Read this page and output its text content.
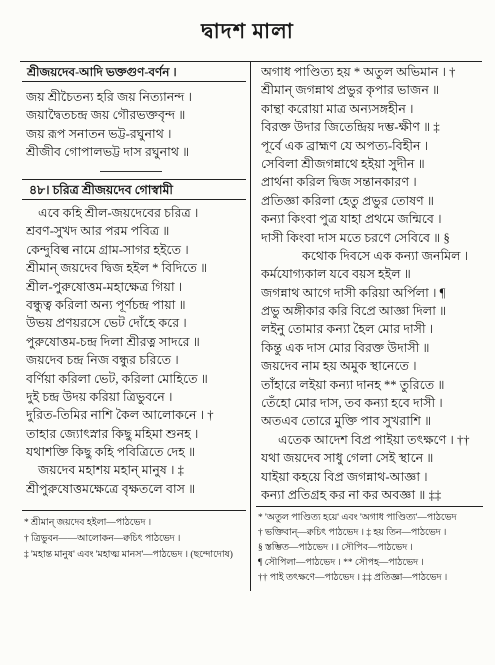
দ্বাদশ মালা
শ্রীজয়দেব-আদি ভক্তগুণ-বর্ণন ।
জয় শ্রীচৈতন্য হরি জয় নিত্যানন্দ ।
জয়াদ্বৈতচন্দ্র জয় গৌরভক্তবৃন্দ ॥
জয় রূপ সনাতন ভট্ট-রঘুনাথ ।
শ্রীজীব গোপালভট্ট দাস রঘুনাথ ॥
৪৮। চরিত্র শ্রীজয়দেব গোস্বামী
এবে কহি শ্রীল-জয়দেবের চরিত্র ।
শ্রবণ-সুখদ আর পরম পবিত্র ॥
কেন্দুবিল্ব নামে গ্রাম-সাগর হইতে ।
শ্রীমান্ জয়দেব দ্বিজ হইল * বিদিতে ॥
শ্রীল-পুরুষোত্তম-মহাক্ষেত্র গিয়া ।
বন্ধুত্ব করিলা অন্য পূর্ণচন্দ্র পায়া ॥
উভয় প্রণয়রসে ভেট দোঁহে করে ।
পুরুষোত্তম-চন্দ্র দিলা শ্রীরত্ন সাদরে ॥
জয়দেব চন্দ্র নিজ বন্ধুর চরিতে ।
বর্ণিয়া করিলা ভেট, করিলা মোহিতে ॥
দুই চন্দ্র উদয় করিয়া ত্রিভুবনে ।
দুরিত-তিমির নাশি কৈল আলোকনে । †
তাহার জ্যোৎস্নার কিছু মহিমা শুনহ ।
যথাশক্তি কিছু কহি পবিত্রিতে দেহ ॥
জয়দেব মহাশয় মহান্ মানুষ । ‡
শ্রীপুরুষোত্তমক্ষেত্রে বৃক্ষতলে বাস ॥
* শ্রীমান্ জয়দেব হইলা—পাঠভেদ ।
† ত্রিভুবন——আলোকন—ক্বচিৎ পাঠভেদ ।
‡ 'মহান্ত মানুষ' এবং 'মহাত্ম মানস'—পাঠভেদ । (ছন্দোদোষ)
অগাধ পাণ্ডিত্য হয় * অতুল অভিমান । †
শ্রীমান্ জগন্নাথ প্রভুর কৃপার ভাজন ॥
কান্থা করোয়া মাত্র অন্যসঙ্গহীন ।
বিরক্ত উদার জিতেন্দ্রিয় দম্ভ-ক্ষীণ ॥ ‡
পূর্বে এক ব্রাহ্মণ যে অপত্য-বিহীন ।
সেবিলা শ্রীজগন্নাথে হইয়া সুদীন ॥
প্রার্থনা করিল দ্বিজ সন্তানকারণ ।
প্রতিজ্ঞা করিলা হেতু প্রভুর তোষণ ॥
কন্যা কিংবা পুত্র যাহা প্রথমে জন্মিবে ।
দাসী কিংবা দাস মতে চরণে সেবিবে ॥ §
কথোক দিবসে এক কন্যা জনমিল ।
কর্মযোগ্যকাল যবে বয়স হইল ॥
জগন্নাথ আগে দাসী করিয়া অর্পিলা । ¶
প্রভু অঙ্গীকার করি বিপ্রে আজ্ঞা দিলা ॥
লইনু তোমার কন্যা হৈল মোর দাসী ।
কিন্তু এক দাস মোর বিরক্ত উদাসী ॥
জয়দেব নাম হয় অমুক স্থানেতে ।
তাঁহারে লইয়া কন্যা দানহ ** তুরিতে ॥
তেঁহো মোর দাস, তব কন্যা হবে দাসী ।
অতএব তোরে মুক্তি পাব সুখরাশি ॥
এতেক আদেশ বিপ্র পাইয়া তৎক্ষণে । ††
যথা জয়দেব সাধু গেলা সেই স্থানে ॥
যাইয়া কহয়ে বিপ্র জগন্নাথ-আজ্ঞা ।
কন্যা প্রতিগ্রহ কর না কর অবজ্ঞা ॥ ‡‡
* 'অতুল পাণ্ডিত্য হয়ে' এবং 'অগাধ পাণ্ডিত্য'—পাঠভেদ
† ভক্তিবান্—ক্বচিৎ পাঠভেদ । ‡ হয় তিন—পাঠভেদ ।
§ স্তম্ভিত—পাঠভেদ । ‖ সৌপিব—পাঠভেদ ।
¶ সৌপিলা—পাঠভেদ । ** সৌপহ—পাঠভেদ ।
†† পাই তৎক্ষণে—পাঠভেদ । ‡‡ প্রতিজ্ঞা—পাঠভেদ ।
